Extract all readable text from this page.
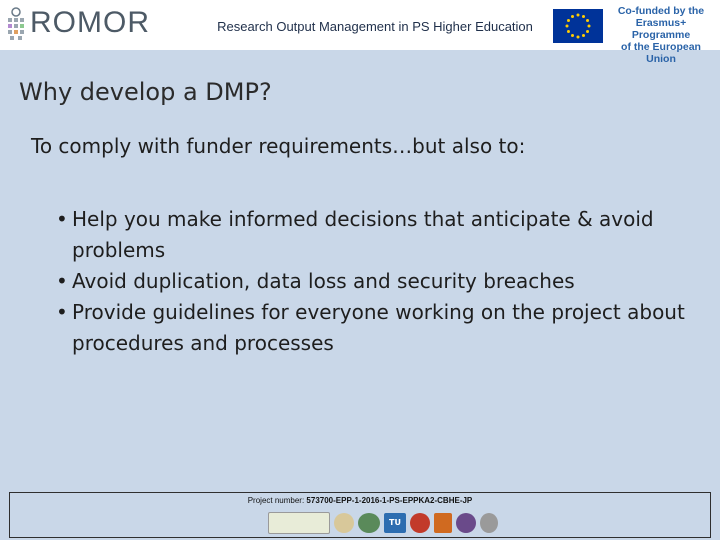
ROMOR	Research Output Management in PS Higher Education
Co-funded by the
Erasmus+ Programme
of the European Union
Why develop a DMP?
To comply with funder requirements…but also to:
• Help you make informed decisions that anticipate & avoid problems
• Avoid duplication, data loss and security breaches
• Provide guidelines for everyone working on the project about procedures and processes
Project number: 573700-EPP-1-2016-1-PS-EPPKA2-CBHE-JP
TU
